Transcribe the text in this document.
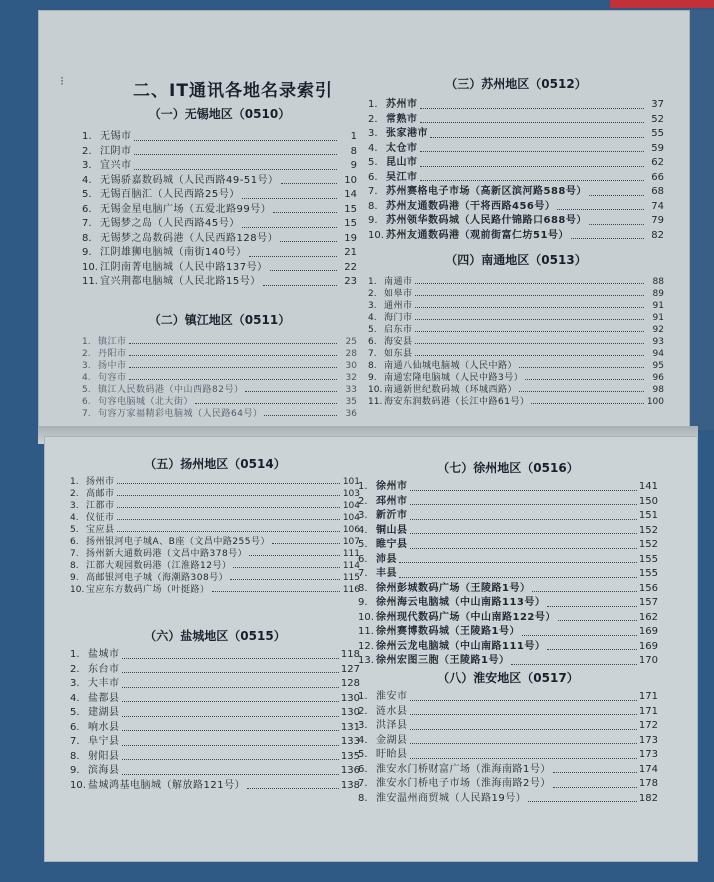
⁝	二、IT通讯各地名录索引
（一）无锡地区（0510）
1. 无锡市	1
2. 江阴市	8
3. 宜兴市	9
4. 无锡骄嘉数码城（人民西路49-51号）	10
5. 无锡百脑汇（人民西路25号）	14
6. 无锡金星电脑广场（五爱北路99号）	15
7. 无锡梦之岛（人民西路45号）	15
8. 无锡梦之岛数码港（人民西路128号）	19
9. 江阴雄狮电脑城（南街140号）	21
10. 江阴南菁电脑城（人民中路137号）	22
11. 宜兴荆都电脑城（人民北路15号）	23
（二）镇江地区（0511）
1. 镇江市	25
2. 丹阳市	28
3. 扬中市	30
4. 句容市	32
5. 镇江人民数码港（中山西路82号）	33
6. 句容电脑城（北大街）	35
7. 句容万家福精彩电脑城（人民路64号）	36
（三）苏州地区（0512）
1. 苏州市	37
2. 常熟市	52
3. 张家港市	55
4. 太仓市	59
5. 昆山市	62
6. 吴江市	66
7. 苏州赛格电子市场（高新区滨河路588号）	68
8. 苏州友通数码港（干将西路456号）	74
9. 苏州领华数码城（人民路什锦路口688号）	79
10. 苏州友通数码港（观前街富仁坊51号）	82
（四）南通地区（0513）
1. 南通市	88
2. 如皋市	89
3. 通州市	91
4. 海门市	91
5. 启东市	92
6. 海安县	93
7. 如东县	94
8. 南通八仙城电脑城（人民中路）	95
9. 南通宏隆电脑城（人民中路3号）	96
10. 南通新世纪数码城（环城西路）	98
11. 海安东润数码港（长江中路61号）	100
⁝
（五）扬州地区（0514）
1. 扬州市	101
2. 高邮市	103
3. 江都市	104
4. 仪征市	104
5. 宝应县	106
6. 扬州银河电子城A、B座（文昌中路255号）	107
7. 扬州新大通数码港（文昌中路378号）	111
8. 江都大观园数码港（江淮路12号）	114
9. 高邮银河电子城（海潮路308号）	115
10. 宝应东方数码广场（叶挺路）	116
（六）盐城地区（0515）
1. 盐城市	118
2. 东台市	127
3. 大丰市	128
4. 盐都县	130
5. 建湖县	130
6. 响水县	131
7. 阜宁县	133
8. 射阳县	135
9. 滨海县	136
10. 盐城鸿基电脑城（解放路121号）	138
（七）徐州地区（0516）
1. 徐州市	141
2. 邳州市	150
3. 新沂市	151
4. 铜山县	152
5. 睢宁县	152
6. 沛县	155
7. 丰县	155
8. 徐州彭城数码广场（王陵路1号）	156
9. 徐州海云电脑城（中山南路113号）	157
10. 徐州现代数码广场（中山南路122号）	162
11. 徐州赛博数码城（王陵路1号）	169
12. 徐州云龙电脑城（中山南路111号）	169
13. 徐州宏图三胞（王陵路1号）	170
（八）淮安地区（0517）
1. 淮安市	171
2. 涟水县	171
3. 洪泽县	172
4. 金湖县	173
5. 盱眙县	173
6. 淮安水门桥财富广场（淮海南路1号）	174
7. 淮安水门桥电子市场（淮海南路2号）	178
8. 淮安温州商贸城（人民路19号）	182
